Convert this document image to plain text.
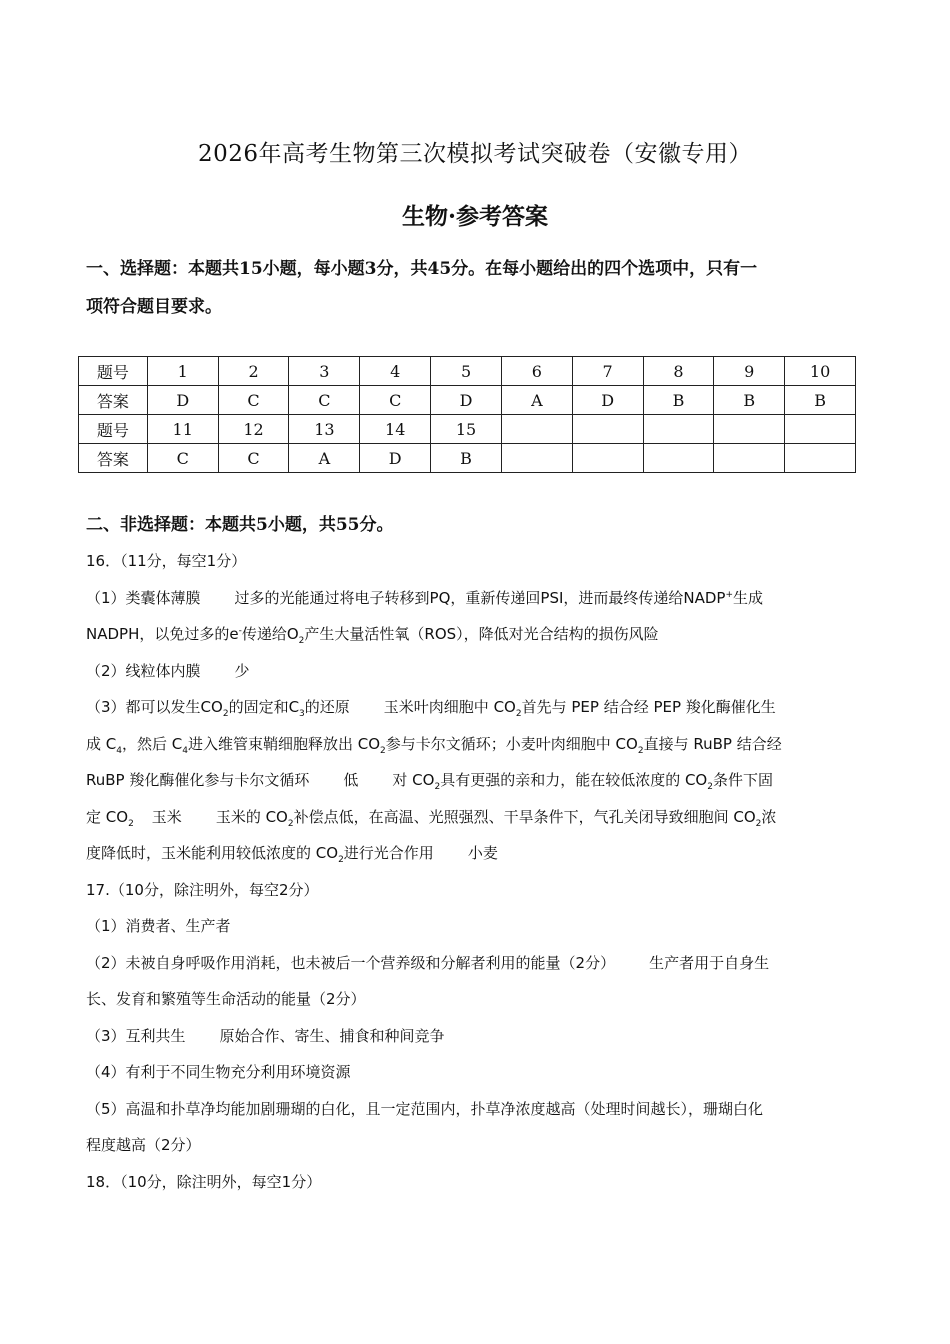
2026年高考生物第三次模拟考试突破卷（安徽专用）
生物·参考答案
一、选择题：本题共15小题，每小题3分，共45分。在每小题给出的四个选项中，只有一
项符合题目要求。
题号	1	2	3	4	5	6	7	8	9	10
答案	D	C	C	C	D	A	D	B	B	B
题号	11	12	13	14	15					
答案	C	C	A	D	B					
二、非选择题：本题共5小题，共55分。

16．（11分，每空1分）

（1）类囊体薄膜 过多的光能通过将电子转移到PQ，重新传递回PSI，进而最终传递给NADP+生成

NADPH，以免过多的e-传递给$O_2$产生大量活性氧（ROS），降低对光合结构的损伤风险

（2）线粒体内膜 少

（3）都可以发生$CO_2$的固定和$C_3$的还原 玉米叶肉细胞中 $CO_2$首先与 PEP 结合经 PEP 羧化酶催化生

成 $C_4$，然后 $C_4$进入维管束鞘细胞释放出 $CO_2$参与卡尔文循环；小麦叶肉细胞中 $CO_2$直接与 RuBP 结合经

RuBP 羧化酶催化参与卡尔文循环 低 对 $CO_2$具有更强的亲和力，能在较低浓度的 $CO_2$条件下固

定 $CO_2$ 玉米 玉米的 $CO_2$补偿点低，在高温、光照强烈、干旱条件下，气孔关闭导致细胞间 $CO_2$浓

度降低时，玉米能利用较低浓度的 $CO_2$进行光合作用 小麦

17.（10分，除注明外，每空2分）

（1）消费者、生产者

（2）未被自身呼吸作用消耗，也未被后一个营养级和分解者利用的能量（2分） 生产者用于自身生

长、发育和繁殖等生命活动的能量（2分）

（3）互利共生 原始合作、寄生、捕食和种间竞争

（4）有利于不同生物充分利用环境资源

（5）高温和扑草净均能加剧珊瑚的白化，且一定范围内，扑草净浓度越高（处理时间越长），珊瑚白化

程度越高（2分）

18．（10分，除注明外，每空1分）
